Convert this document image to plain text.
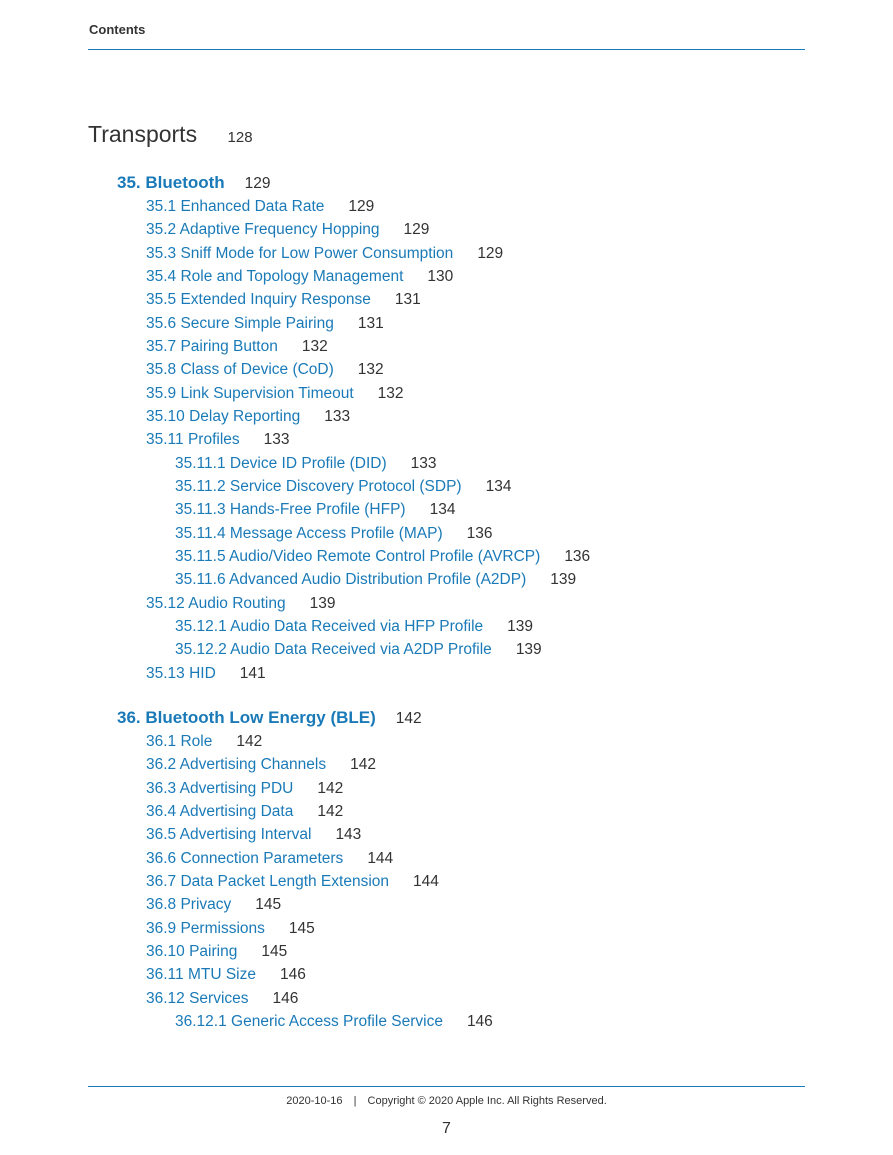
Contents
Transports 128
35. Bluetooth 129
35.1 Enhanced Data Rate 129
35.2 Adaptive Frequency Hopping 129
35.3 Sniff Mode for Low Power Consumption 129
35.4 Role and Topology Management 130
35.5 Extended Inquiry Response 131
35.6 Secure Simple Pairing 131
35.7 Pairing Button 132
35.8 Class of Device (CoD) 132
35.9 Link Supervision Timeout 132
35.10 Delay Reporting 133
35.11 Profiles 133
35.11.1 Device ID Profile (DID) 133
35.11.2 Service Discovery Protocol (SDP) 134
35.11.3 Hands-Free Profile (HFP) 134
35.11.4 Message Access Profile (MAP) 136
35.11.5 Audio/Video Remote Control Profile (AVRCP) 136
35.11.6 Advanced Audio Distribution Profile (A2DP) 139
35.12 Audio Routing 139
35.12.1 Audio Data Received via HFP Profile 139
35.12.2 Audio Data Received via A2DP Profile 139
35.13 HID 141
36. Bluetooth Low Energy (BLE) 142
36.1 Role 142
36.2 Advertising Channels 142
36.3 Advertising PDU 142
36.4 Advertising Data 142
36.5 Advertising Interval 143
36.6 Connection Parameters 144
36.7 Data Packet Length Extension 144
36.8 Privacy 145
36.9 Permissions 145
36.10 Pairing 145
36.11 MTU Size 146
36.12 Services 146
36.12.1 Generic Access Profile Service 146
2020-10-16 | Copyright © 2020 Apple Inc. All Rights Reserved.
7
